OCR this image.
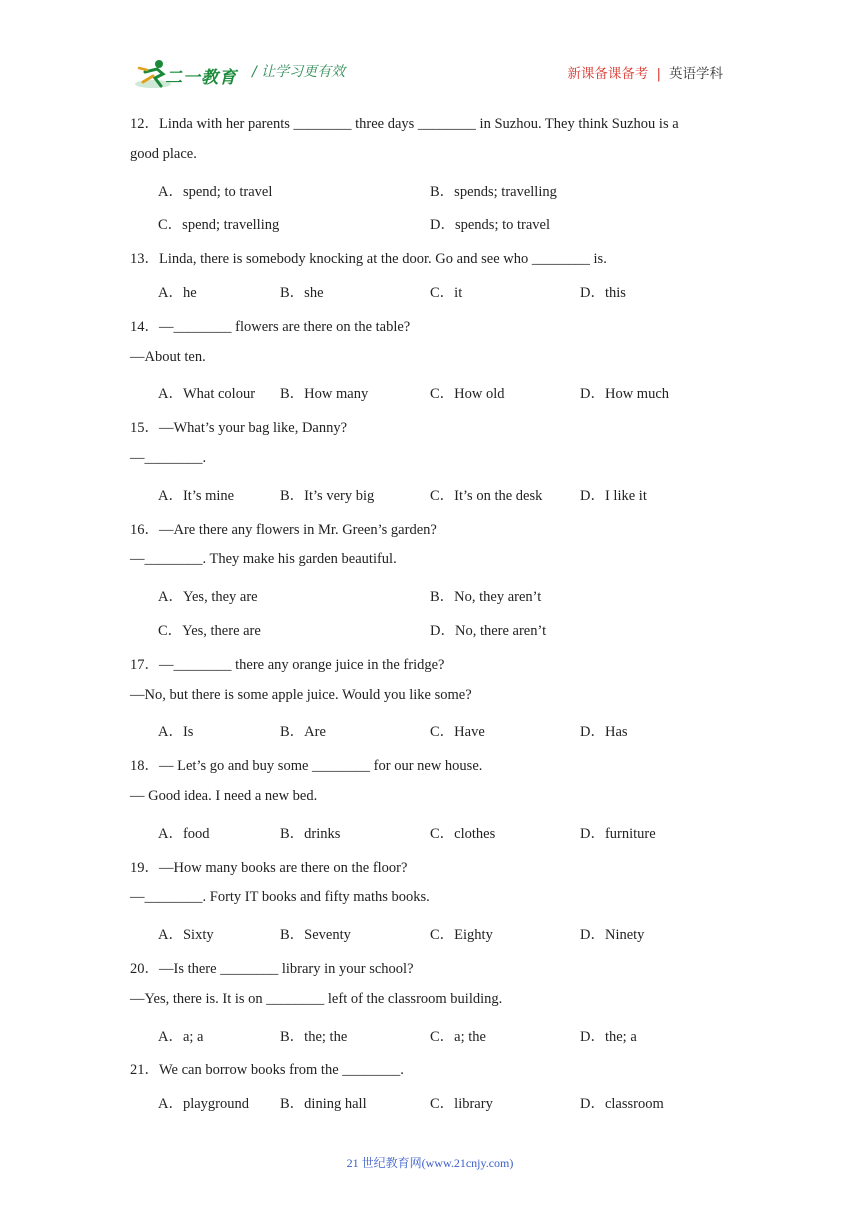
二一教育 / 让学习更有效	新课备课备考 | 英语学科
12．Linda with her parents ________ three days ________ in Suzhou. They think Suzhou is a
good place.
A．spend; to travel	B．spends; travelling
C．spend; travelling	D．spends; to travel
13．Linda, there is somebody knocking at the door. Go and see who ________ is.
A．he	B．she	C．it	D．this
14．—________ flowers are there on the table?
—About ten.
A．What colour B．How many	C．How old	D．How much
15．—What’s your bag like, Danny?
—________.
A．It’s mine	B．It’s very big	C．It’s on the desk	D．I like it
16．—Are there any flowers in Mr. Green’s garden?
—________. They make his garden beautiful.
A．Yes, they are	B．No, they aren’t
C．Yes, there are	D．No, there aren’t
17．—________ there any orange juice in the fridge?
—No, but there is some apple juice. Would you like some?
A．Is	B．Are	C．Have	D．Has
18．— Let’s go and buy some ________ for our new house.
— Good idea. I need a new bed.
A．food	B．drinks	C．clothes	D．furniture
19．—How many books are there on the floor?
—________. Forty IT books and fifty maths books.
A．Sixty	B．Seventy	C．Eighty	D．Ninety
20．—Is there ________ library in your school?
—Yes, there is. It is on ________ left of the classroom building.
A．a; a	B．the; the	C．a; the	D．the; a
21．We can borrow books from the ________.
A．playground B．dining hall	C．library	D．classroom
21 世纪教育网(www.21cnjy.com)
